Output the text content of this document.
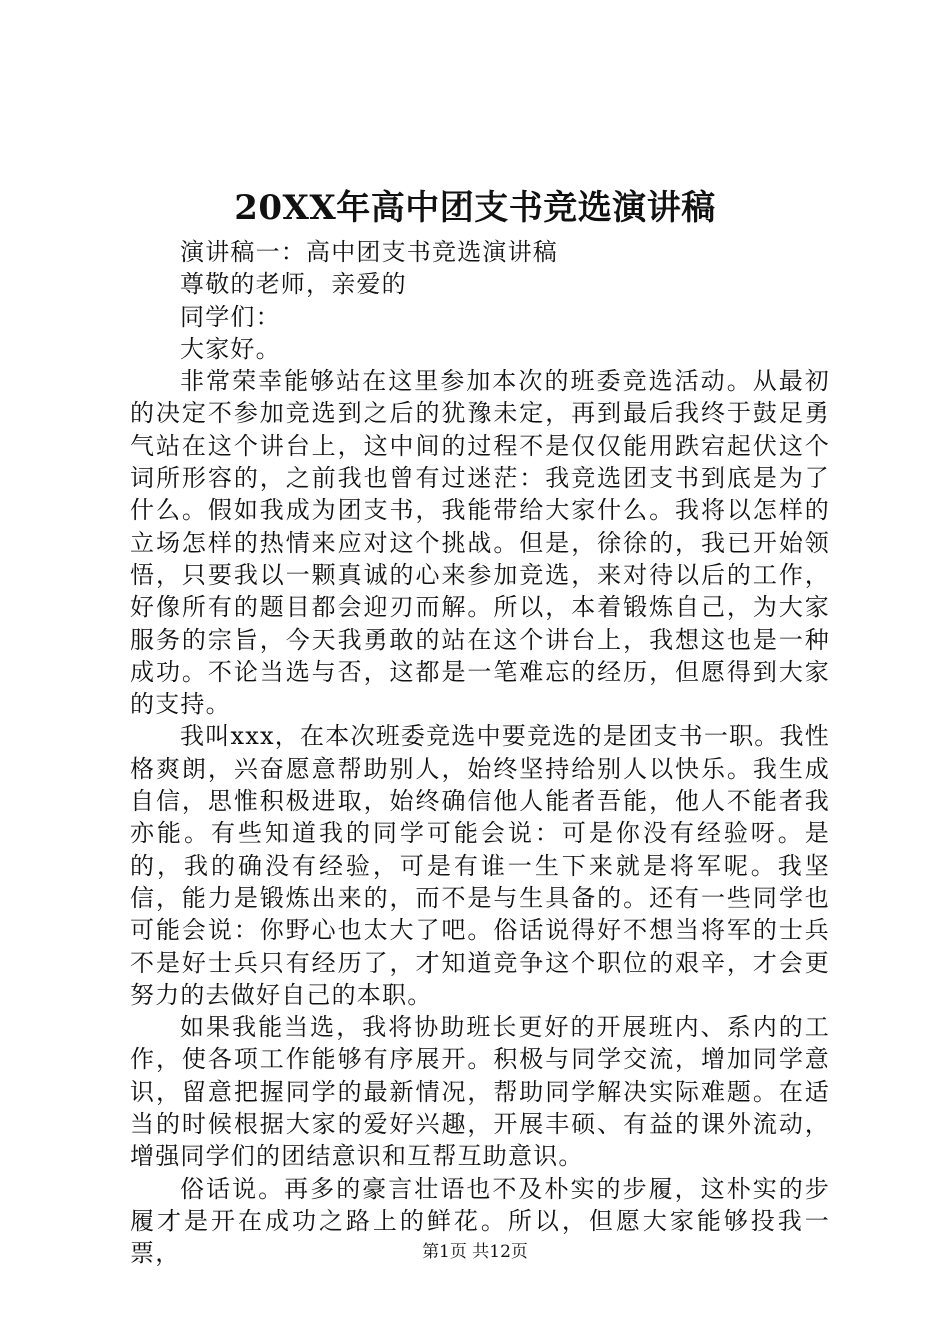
20XX年高中团支书竞选演讲稿

演讲稿一：高中团支书竞选演讲稿

尊敬的老师，亲爱的

同学们：

大家好。

非常荣幸能够站在这里参加本次的班委竞选活动。从最初的决定不参加竞选到之后的犹豫未定，再到最后我终于鼓足勇气站在这个讲台上，这中间的过程不是仅仅能用跌宕起伏这个词所形容的，之前我也曾有过迷茫：我竞选团支书到底是为了什么。假如我成为团支书，我能带给大家什么。我将以怎样的立场怎样的热情来应对这个挑战。但是，徐徐的，我已开始领悟，只要我以一颗真诚的心来参加竞选，来对待以后的工作，好像所有的题目都会迎刃而解。所以，本着锻炼自己，为大家服务的宗旨，今天我勇敢的站在这个讲台上，我想这也是一种成功。不论当选与否，这都是一笔难忘的经历，但愿得到大家的支持。

我叫xxx，在本次班委竞选中要竞选的是团支书一职。我性格爽朗，兴奋愿意帮助别人，始终坚持给别人以快乐。我生成自信，思惟积极进取，始终确信他人能者吾能，他人不能者我亦能。有些知道我的同学可能会说：可是你没有经验呀。是的，我的确没有经验，可是有谁一生下来就是将军呢。我坚信，能力是锻炼出来的，而不是与生具备的。还有一些同学也可能会说：你野心也太大了吧。俗话说得好不想当将军的士兵不是好士兵只有经历了，才知道竞争这个职位的艰辛，才会更努力的去做好自己的本职。

如果我能当选，我将协助班长更好的开展班内、系内的工作，使各项工作能够有序展开。积极与同学交流，增加同学意识，留意把握同学的最新情况，帮助同学解决实际难题。在适当的时候根据大家的爱好兴趣，开展丰硕、有益的课外流动，增强同学们的团结意识和互帮互助意识。

俗话说。再多的豪言壮语也不及朴实的步履，这朴实的步履才是开在成功之路上的鲜花。所以，但愿大家能够投我一票，	第1页 共12页
